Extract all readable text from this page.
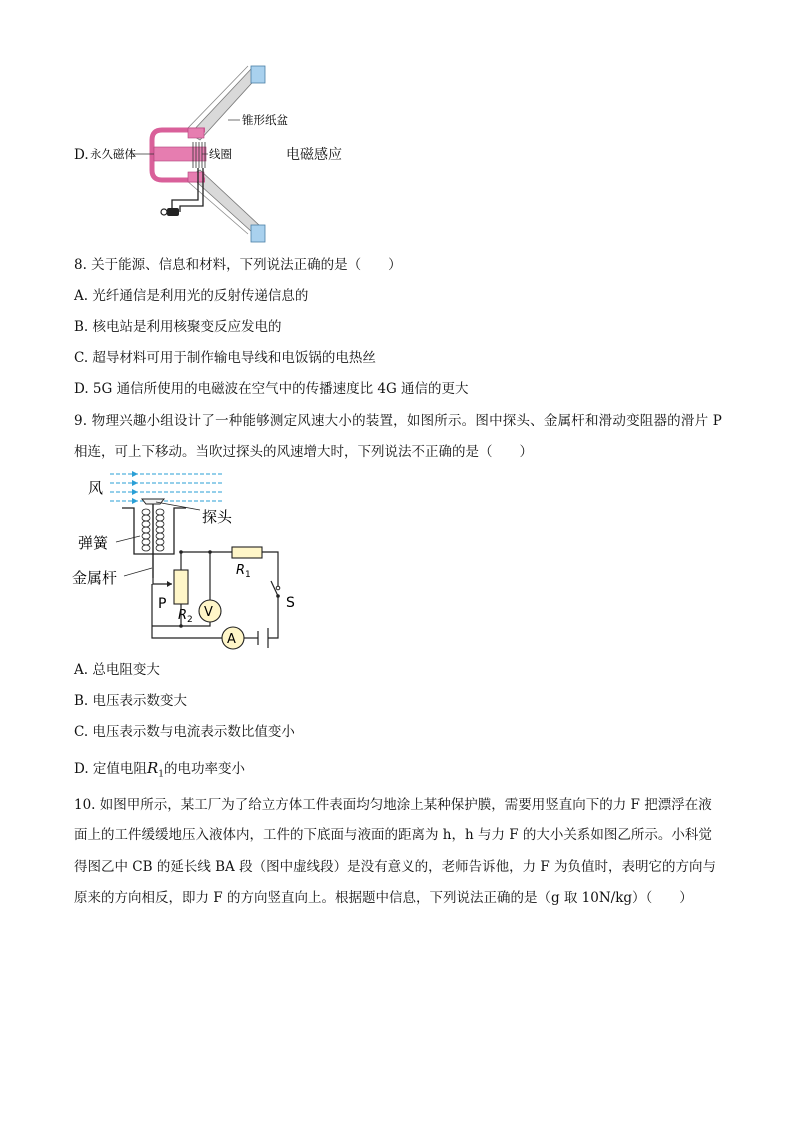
D. 永久磁体	线圈
锥形纸盆
电磁感应
8. 关于能源、信息和材料，下列说法正确的是（　　）
A. 光纤通信是利用光的反射传递信息的
B. 核电站是利用核聚变反应发电的
C. 超导材料可用于制作输电导线和电饭锅的电热丝
D. 5G 通信所使用的电磁波在空气中的传播速度比 4G 通信的更大
9. 物理兴趣小组设计了一种能够测定风速大小的装置，如图所示。图中探头、金属杆和滑动变阻器的滑片 P
相连，可上下移动。当吹过探头的风速增大时，下列说法不正确的是（　　）
风
探头
弹簧
金属杆
P
R 2
R 1
S
V
A
A. 总电阻变大
B. 电压表示数变大
C. 电压表示数与电流表示数比值变小
D. 定值电阻$R_1$的电功率变小
10. 如图甲所示，某工厂为了给立方体工件表面均匀地涂上某种保护膜，需要用竖直向下的力 F 把漂浮在液
面上的工件缓缓地压入液体内，工件的下底面与液面的距离为 h，h 与力 F 的大小关系如图乙所示。小科觉
得图乙中 CB 的延长线 BA 段（图中虚线段）是没有意义的，老师告诉他，力 F 为负值时，表明它的方向与
原来的方向相反，即力 F 的方向竖直向上。根据题中信息，下列说法正确的是（g 取 10N/kg）（　　）
